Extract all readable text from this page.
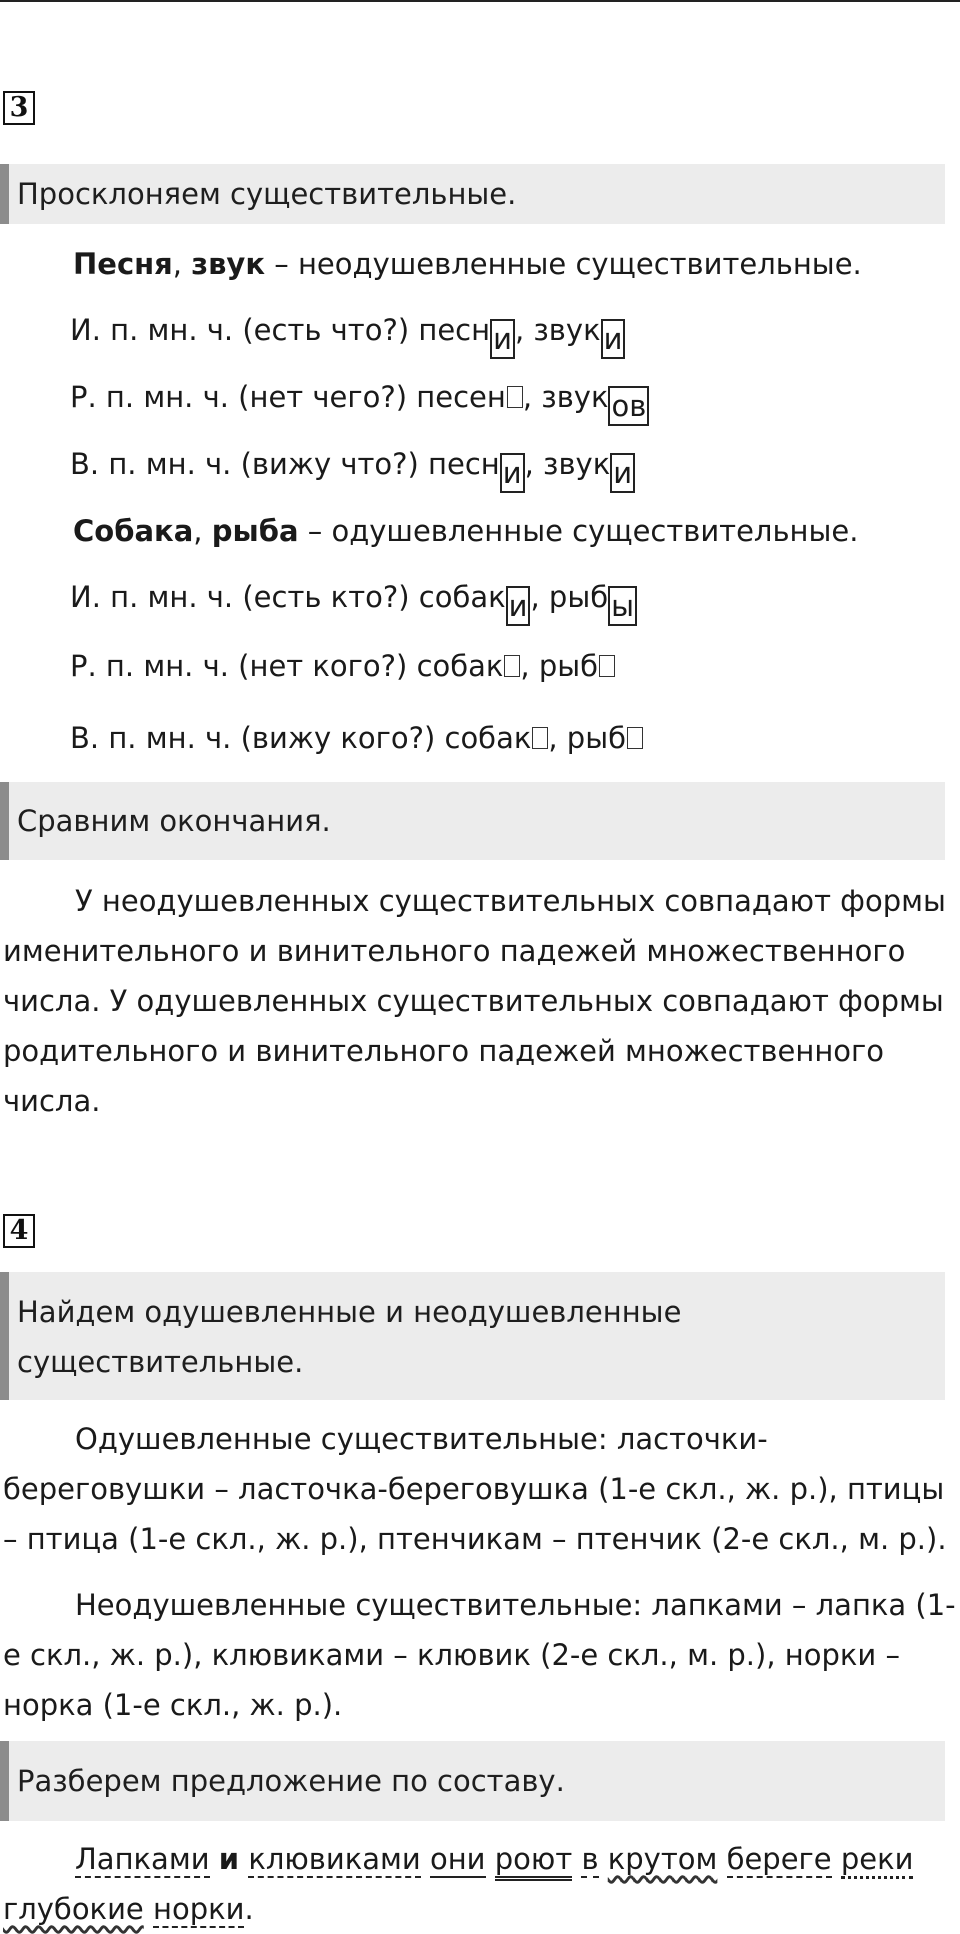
3
Просклоняем существительные.
Песня, звук – неодушевленные существительные.
И. п. мн. ч. (есть что?) песн и , звук и
Р. п. мн. ч. (нет чего?) песен , звук ов
В. п. мн. ч. (вижу что?) песн и , звук и
Собака, рыба – одушевленные существительные.
И. п. мн. ч. (есть кто?) собак и , рыб ы
Р. п. мн. ч. (нет кого?) собак , рыб
В. п. мн. ч. (вижу кого?) собак , рыб
Сравним окончания.

У неодушевленных существительных совпадают формы именительного и винительного падежей множественного числа. У одушевленных существительных совпадают формы родительного и винительного падежей множественного числа.

4
Найдем одушевленные и неодушевленные существительные.

Одушевленные существительные: ласточки-береговушки – ласточка-береговушка (1-е скл., ж. р.), птицы – птица (1-е скл., ж. р.), птенчикам – птенчик (2-е скл., м. р.).

Неодушевленные существительные: лапками – лапка (1-е скл., ж. р.), клювиками – клювик (2-е скл., м. р.), норки – норка (1-е скл., ж. р.).

Разберем предложение по составу.

Лапками и клювиками они роют в крутом береге реки глубокие норки.
